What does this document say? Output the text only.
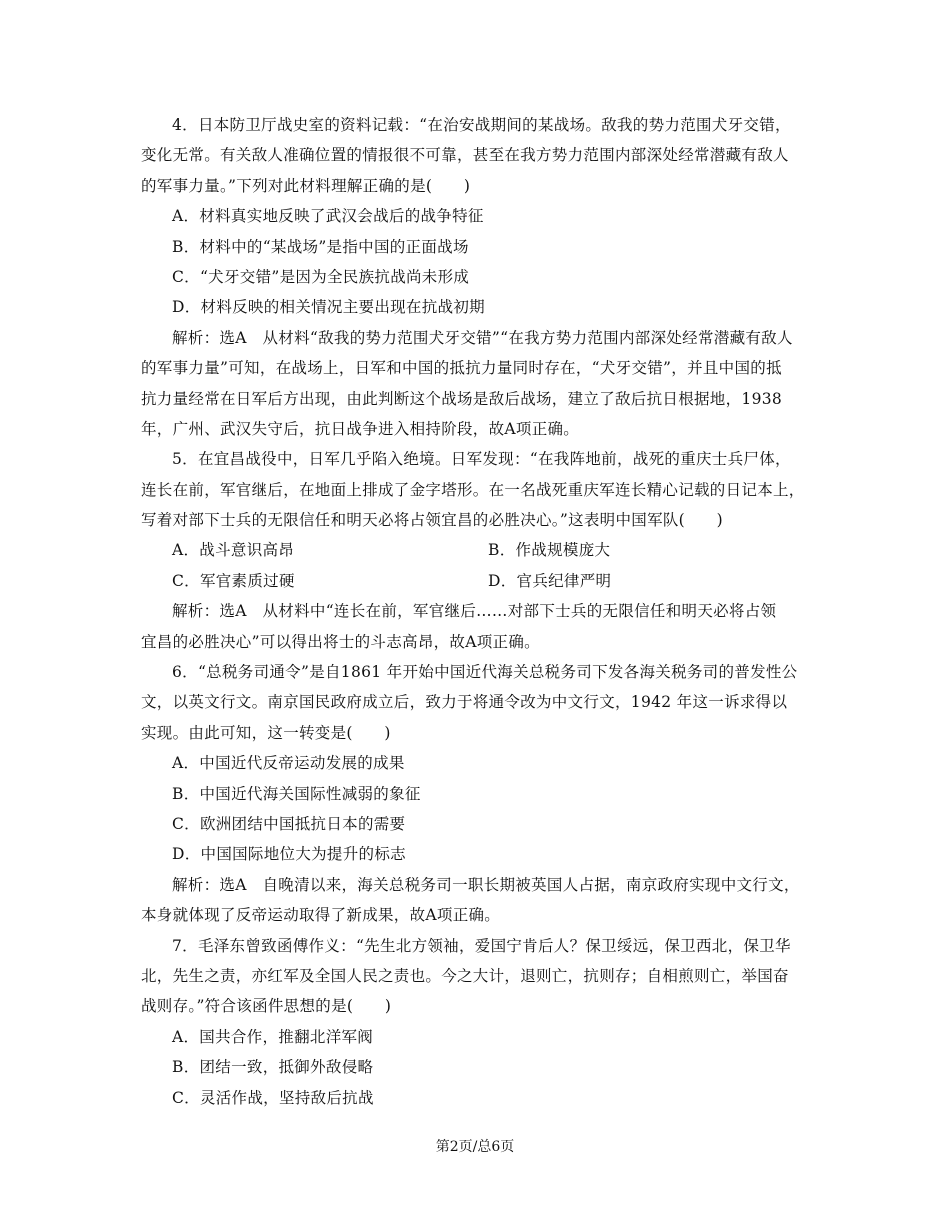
4．日本防卫厅战史室的资料记载：“在治安战期间的某战场。敌我的势力范围犬牙交错，
变化无常。有关敌人准确位置的情报很不可靠，甚至在我方势力范围内部深处经常潜藏有敌人
的军事力量。”下列对此材料理解正确的是(　　)
A．材料真实地反映了武汉会战后的战争特征
B．材料中的“某战场”是指中国的正面战场
C．“犬牙交错”是因为全民族抗战尚未形成
D．材料反映的相关情况主要出现在抗战初期
解析：选A　从材料“敌我的势力范围犬牙交错”“在我方势力范围内部深处经常潜藏有敌人
的军事力量”可知，在战场上，日军和中国的抵抗力量同时存在，“犬牙交错”，并且中国的抵
抗力量经常在日军后方出现，由此判断这个战场是敌后战场，建立了敌后抗日根据地，1938
年，广州、武汉失守后，抗日战争进入相持阶段，故A项正确。
5．在宜昌战役中，日军几乎陷入绝境。日军发现：“在我阵地前，战死的重庆士兵尸体，
连长在前，军官继后，在地面上排成了金字塔形。在一名战死重庆军连长精心记载的日记本上，
写着对部下士兵的无限信任和明天必将占领宜昌的必胜决心。”这表明中国军队(　　)
A．战斗意识高昂	B．作战规模庞大
C．军官素质过硬	D．官兵纪律严明
解析：选A　从材料中“连长在前，军官继后……对部下士兵的无限信任和明天必将占领
宜昌的必胜决心”可以得出将士的斗志高昂，故A项正确。
6．“总税务司通令”是自1861 年开始中国近代海关总税务司下发各海关税务司的普发性公
文，以英文行文。南京国民政府成立后，致力于将通令改为中文行文，1942 年这一诉求得以
实现。由此可知，这一转变是(　　)
A．中国近代反帝运动发展的成果
B．中国近代海关国际性减弱的象征
C．欧洲团结中国抵抗日本的需要
D．中国国际地位大为提升的标志
解析：选A　自晚清以来，海关总税务司一职长期被英国人占据，南京政府实现中文行文，
本身就体现了反帝运动取得了新成果，故A项正确。
7．毛泽东曾致函傅作义：“先生北方领袖，爱国宁肯后人？保卫绥远，保卫西北，保卫华
北，先生之责，亦红军及全国人民之责也。今之大计，退则亡，抗则存；自相煎则亡，举国奋
战则存。”符合该函件思想的是(　　)
A．国共合作，推翻北洋军阀
B．团结一致，抵御外敌侵略
C．灵活作战，坚持敌后抗战
第2页/总6页
